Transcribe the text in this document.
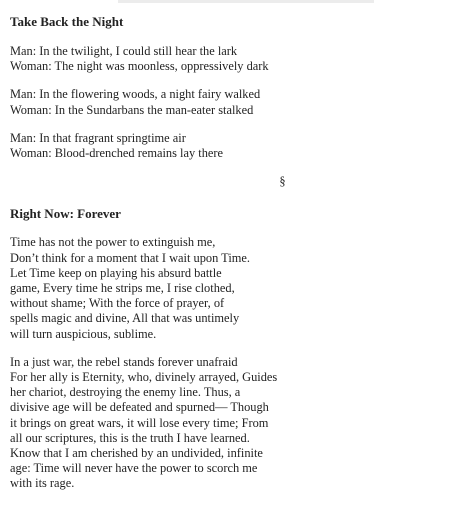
Take Back the Night
Man: In the twilight, I could still hear the lark
Woman: The night was moonless, oppressively dark
Man: In the flowering woods, a night fairy walked
Woman: In the Sundarbans the man-eater stalked
Man: In that fragrant springtime air
Woman: Blood-drenched remains lay there
§
Right Now: Forever
Time has not the power to extinguish me,
Don’t think for a moment that I wait upon Time.
Let Time keep on playing his absurd battle
game, Every time he strips me, I rise clothed,
without shame; With the force of prayer, of
spells magic and divine, All that was untimely
will turn auspicious, sublime.
In a just war, the rebel stands forever unafraid
For her ally is Eternity, who, divinely arrayed, Guides
her chariot, destroying the enemy line. Thus, a
divisive age will be defeated and spurned— Though
it brings on great wars, it will lose every time; From
all our scriptures, this is the truth I have learned.
Know that I am cherished by an undivided, infinite
age: Time will never have the power to scorch me
with its rage.
